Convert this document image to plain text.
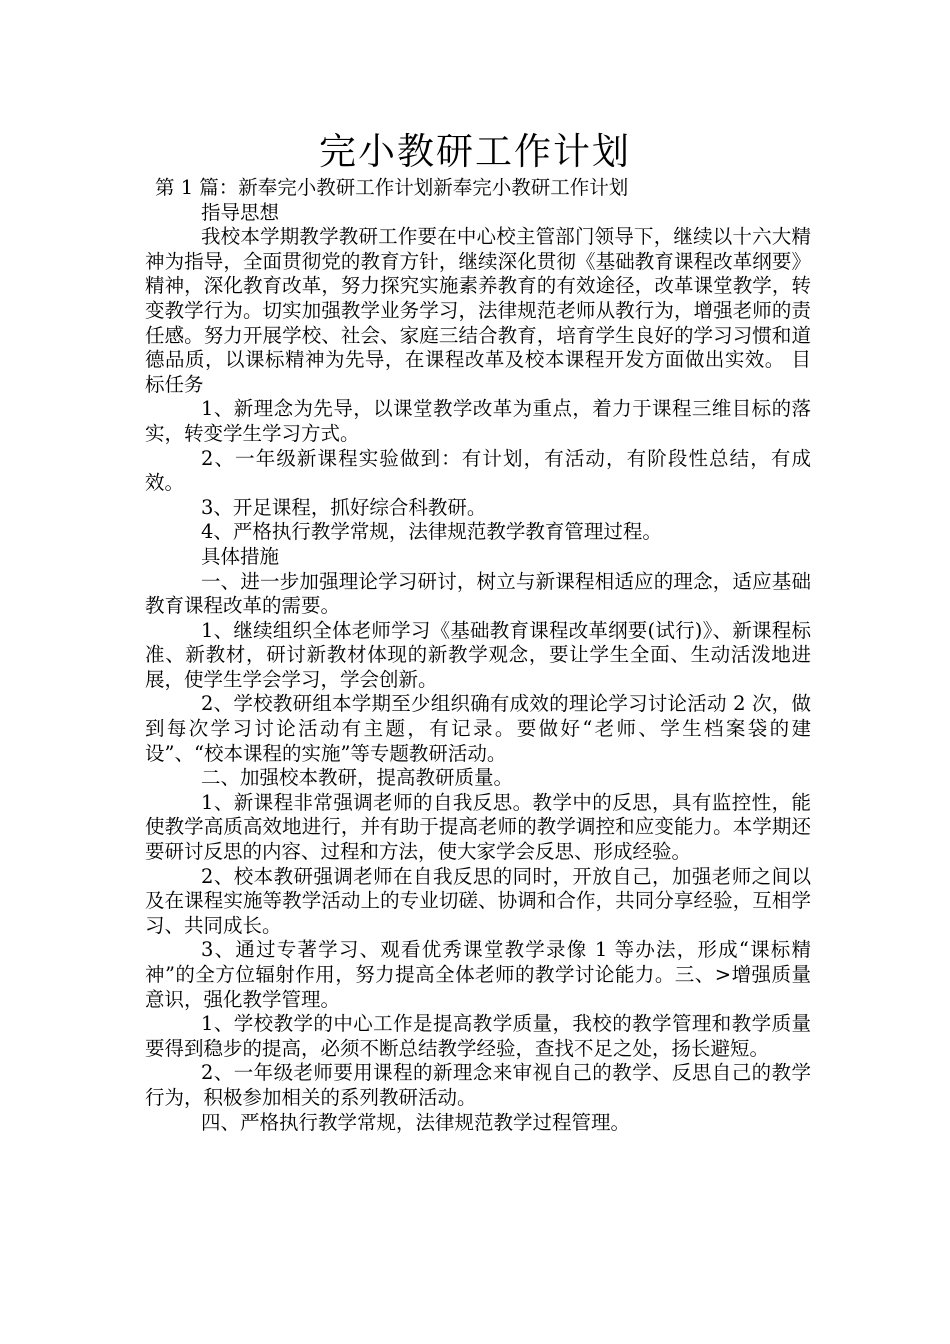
完小教研工作计划

第 1 篇：新奉完小教研工作计划新奉完小教研工作计划

指导思想

我校本学期教学教研工作要在中心校主管部门领导下，继续以十六大精神为指导，全面贯彻党的教育方针，继续深化贯彻《基础教育课程改革纲要》精神，深化教育改革，努力探究实施素养教育的有效途径，改革课堂教学，转变教学行为。切实加强教学业务学习，法律规范老师从教行为，增强老师的责任感。努力开展学校、社会、家庭三结合教育，培育学生良好的学习习惯和道德品质，以课标精神为先导，在课程改革及校本课程开发方面做出实效。 目标任务

1、新理念为先导，以课堂教学改革为重点，着力于课程三维目标的落实，转变学生学习方式。

2、一年级新课程实验做到：有计划，有活动，有阶段性总结，有成效。

3、开足课程，抓好综合科教研。

4、严格执行教学常规，法律规范教学教育管理过程。

具体措施

一、进一步加强理论学习研讨，树立与新课程相适应的理念，适应基础教育课程改革的需要。

1、继续组织全体老师学习《基础教育课程改革纲要(试行)》、新课程标准、新教材，研讨新教材体现的新教学观念，要让学生全面、生动活泼地进展，使学生学会学习，学会创新。

2、学校教研组本学期至少组织确有成效的理论学习讨论活动 2 次，做到每次学习讨论活动有主题，有记录。要做好“老师、学生档案袋的建设”、“校本课程的实施”等专题教研活动。

二、加强校本教研，提高教研质量。

1、新课程非常强调老师的自我反思。教学中的反思，具有监控性，能使教学高质高效地进行，并有助于提高老师的教学调控和应变能力。本学期还要研讨反思的内容、过程和方法，使大家学会反思、形成经验。

2、校本教研强调老师在自我反思的同时，开放自己，加强老师之间以及在课程实施等教学活动上的专业切磋、协调和合作，共同分享经验，互相学习、共同成长。

3、通过专著学习、观看优秀课堂教学录像 1 等办法，形成“课标精神”的全方位辐射作用，努力提高全体老师的教学讨论能力。三、>增强质量意识，强化教学管理。

1、学校教学的中心工作是提高教学质量，我校的教学管理和教学质量要得到稳步的提高，必须不断总结教学经验，查找不足之处，扬长避短。

2、一年级老师要用课程的新理念来审视自己的教学、反思自己的教学行为，积极参加相关的系列教研活动。

四、严格执行教学常规，法律规范教学过程管理。
